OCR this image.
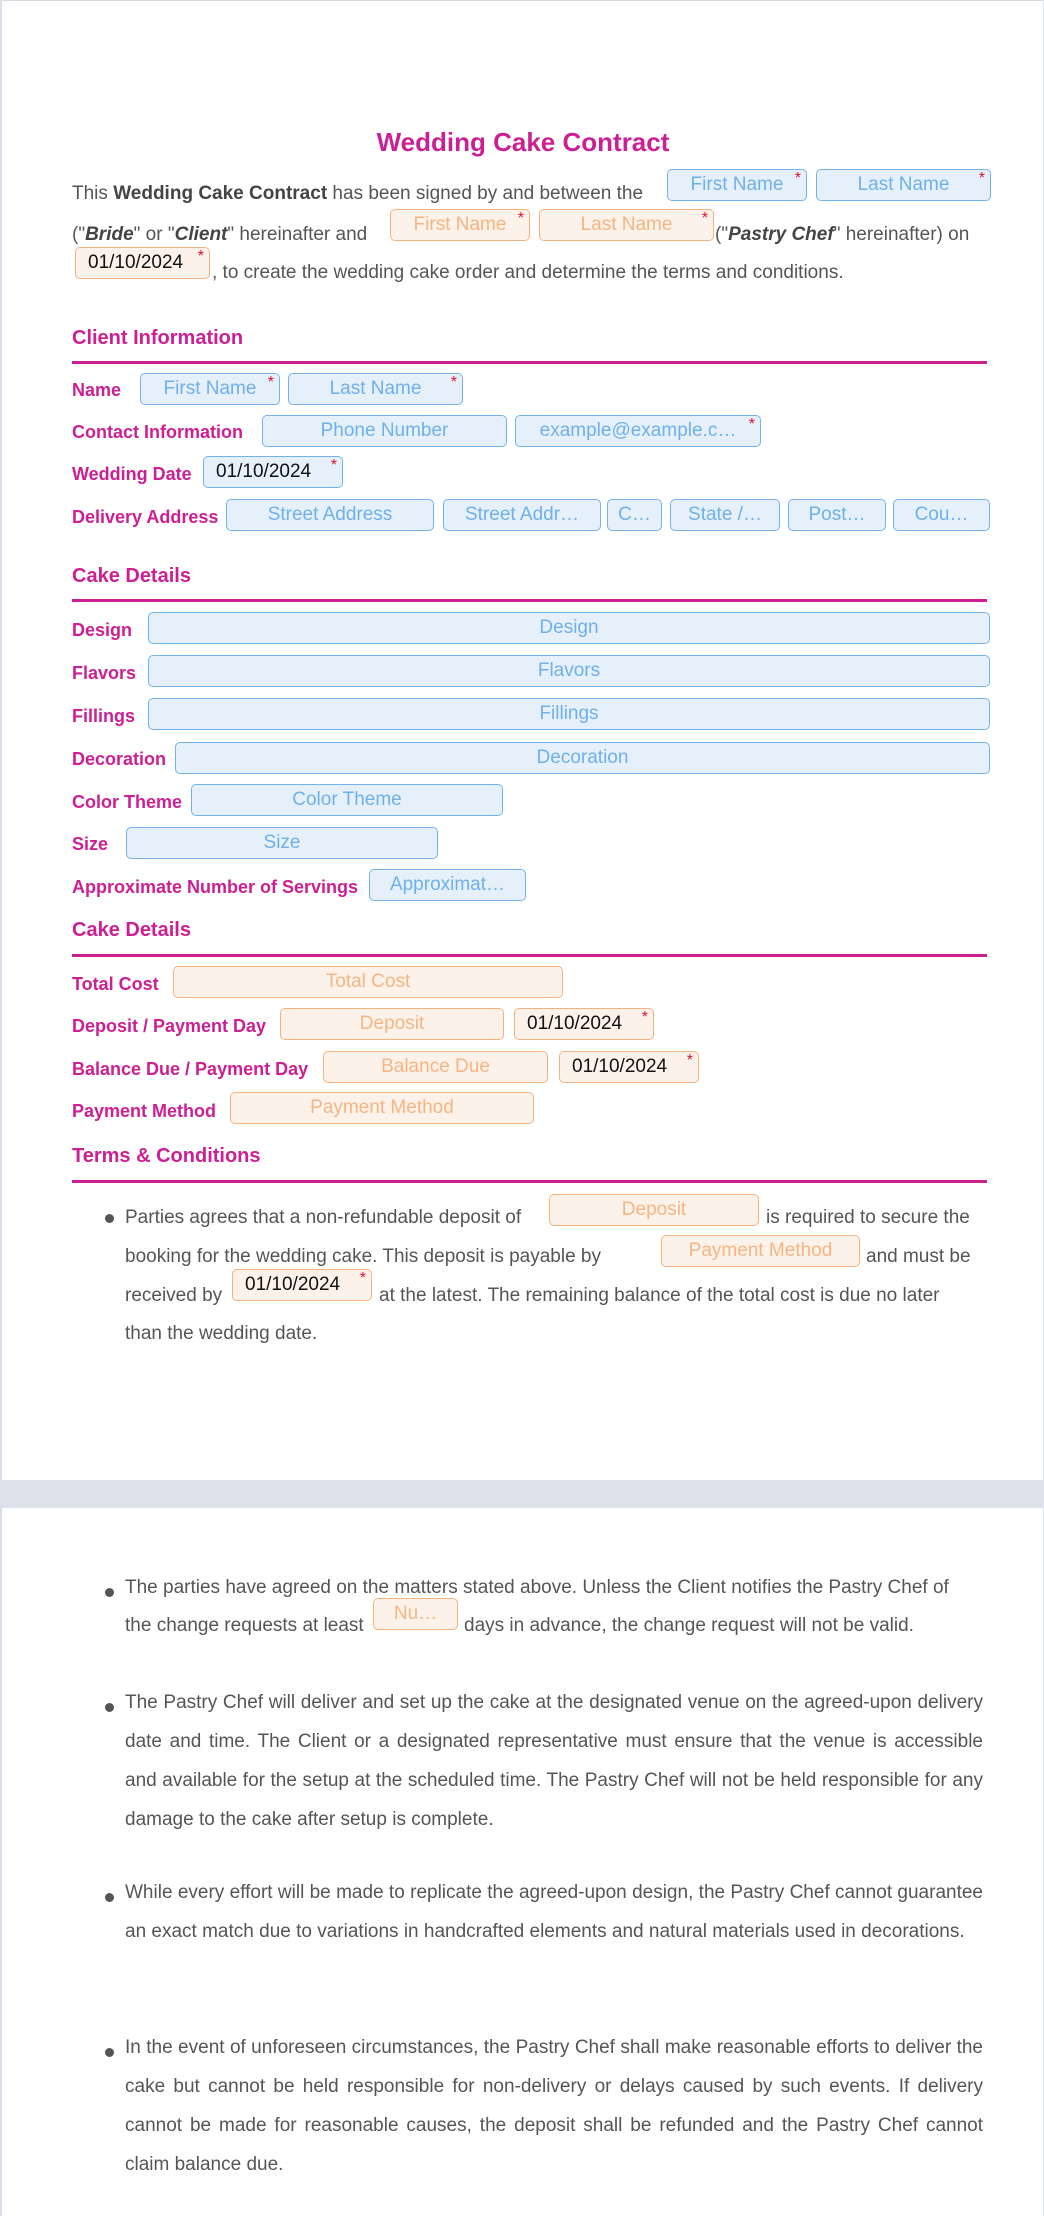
Wedding Cake Contract
This Wedding Cake Contract has been signed by and between the	First Name *	Last Name *
("Bride" or "Client" hereinafter and	First Name *	Last Name *	("Pastry Chef" hereinafter) on
01/10/2024 *	, to create the wedding cake order and determine the terms and conditions.
Client Information
Name	First Name *	Last Name *
Contact Information	Phone Number	example@example.c… *
Wedding Date	01/10/2024 *
Delivery Address	Street Address	Street Addr…	C…	State /…	Post…	Cou…
Cake Details
Design	Design
Flavors	Flavors
Fillings	Fillings
Decoration	Decoration
Color Theme	Color Theme
Size	Size
Approximate Number of Servings	Approximat…
Cake Details
Total Cost	Total Cost
Deposit / Payment Day	Deposit	01/10/2024 *
Balance Due / Payment Day	Balance Due	01/10/2024 *
Payment Method	Payment Method
Terms & Conditions
Parties agrees that a non-refundable deposit of	Deposit	is required to secure the
booking for the wedding cake. This deposit is payable by	Payment Method	and must be
received by
01/10/2024 *
at the latest. The remaining balance of the total cost is due no later
than the wedding date.
The parties have agreed on the matters stated above. Unless the Client notifies the Pastry Chef of
the change requests at least
Nu…
days in advance, the change request will not be valid.
The Pastry Chef will deliver and set up the cake at the designated venue on the agreed-upon delivery date and time. The Client or a designated representative must ensure that the venue is accessible and available for the setup at the scheduled time. The Pastry Chef will not be held responsible for any damage to the cake after setup is complete.
While every effort will be made to replicate the agreed-upon design, the Pastry Chef cannot guarantee an exact match due to variations in handcrafted elements and natural materials used in decorations.
In the event of unforeseen circumstances, the Pastry Chef shall make reasonable efforts to deliver the cake but cannot be held responsible for non-delivery or delays caused by such events. If delivery cannot be made for reasonable causes, the deposit shall be refunded and the Pastry Chef cannot claim balance due.
